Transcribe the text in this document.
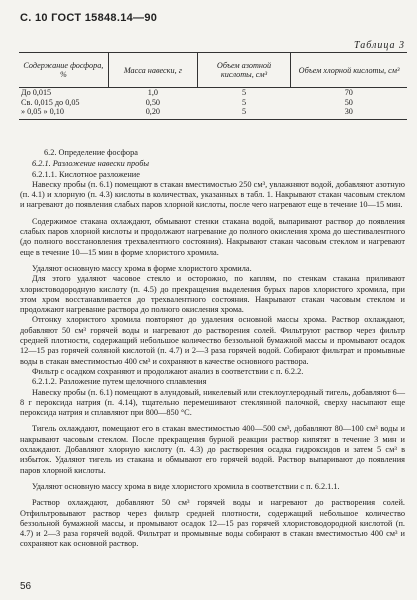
С. 10 ГОСТ 15848.14—90
Таблица 3
Содержание фосфора, %	Масса навески, г	Объем азотной кислоты, см³	Объем хлорной кислоты, см³
До 0,015	1,0	5	70
Св. 0,015 до 0,05	0,50	5	50
» 0,05 » 0,10	0,20	5	30

6.2. Определение фосфора

6.2.1. Разложение навески пробы

6.2.1.1. Кислотное разложение

Навеску пробы (п. 6.1) помещают в стакан вместимостью 250 см³, увлажняют водой, добавляют азотную (п. 4.1) и хлорную (п. 4.3) кислоты в количествах, указанных в табл. 1. Накрывают стакан часовым стеклом и нагревают до появления слабых паров хлорной кислоты, после чего нагревают еще в течение 10—15 мин.

Содержимое стакана охлаждают, обмывают стенки стакана водой, выпаривают раствор до появления слабых паров хлорной кислоты и продолжают нагревание до полного окисления хрома до шестивалентного (до полного восстановления трехвалентного состояния). Накрывают стакан часовым стеклом и нагревают еще в течение 10—15 мин в форме хлористого хромила.

Удаляют основную массу хрома в форме хлористого хромила.

Для этого удаляют часовое стекло и осторожно, по каплям, по стенкам стакана приливают хлористоводородную кислоту (п. 4.5) до прекращения выделения бурых паров хлористого хромила, при этом хром восстанавливается до трехвалентного состояния. Накрывают стакан часовым стеклом и продолжают нагревание раствора до полного окисления хрома.

Отгонку хлористого хромила повторяют до удаления основной массы хрома. Раствор охлаждают, добавляют 50 см³ горячей воды и нагревают до растворения солей. Фильтруют раствор через фильтр средней плотности, содержащий небольшое количество беззольной бумажной массы и промывают осадок 12—15 раз горячей соляной кислотой (п. 4.7) и 2—3 раза горячей водой. Собирают фильтрат и промывные воды в стакан вместимостью 400 см³ и сохраняют в качестве основного раствора.

Фильтр с осадком сохраняют и продолжают анализ в соответствии с п. 6.2.2.

6.2.1.2. Разложение путем щелочного сплавления

Навеску пробы (п. 6.1) помещают в алундовый, никелевый или стеклоуглеродный тигель, добавляют 6—8 г пероксида натрия (п. 4.14), тщательно перемешивают стеклянной палочкой, сверху насыпают еще пероксида натрия и сплавляют при 800—850 °С.

Тигель охлаждают, помещают его в стакан вместимостью 400—500 см³, добавляют 80—100 см³ воды и накрывают часовым стеклом. После прекращения бурной реакции раствор кипятят в течение 3 мин и охлаждают. Добавляют хлорную кислоту (п. 4.3) до растворения осадка гидроксидов и затем 5 см³ в избыток. Удаляют тигель из стакана и обмывают его горячей водой. Раствор выпаривают до появления паров хлорной кислоты.

Удаляют основную массу хрома в виде хлористого хромила в соответствии с п. 6.2.1.1.

Раствор охлаждают, добавляют 50 см³ горячей воды и нагревают до растворения солей. Отфильтровывают раствор через фильтр средней плотности, содержащий небольшое количество беззольной бумажной массы, и промывают осадок 12—15 раз горячей хлористоводородной кислотой (п. 4.7) и 2—3 раза горячей водой. Фильтрат и промывные воды собирают в стакан вместимостью 400 см³ и сохраняют как основной раствор.

56
